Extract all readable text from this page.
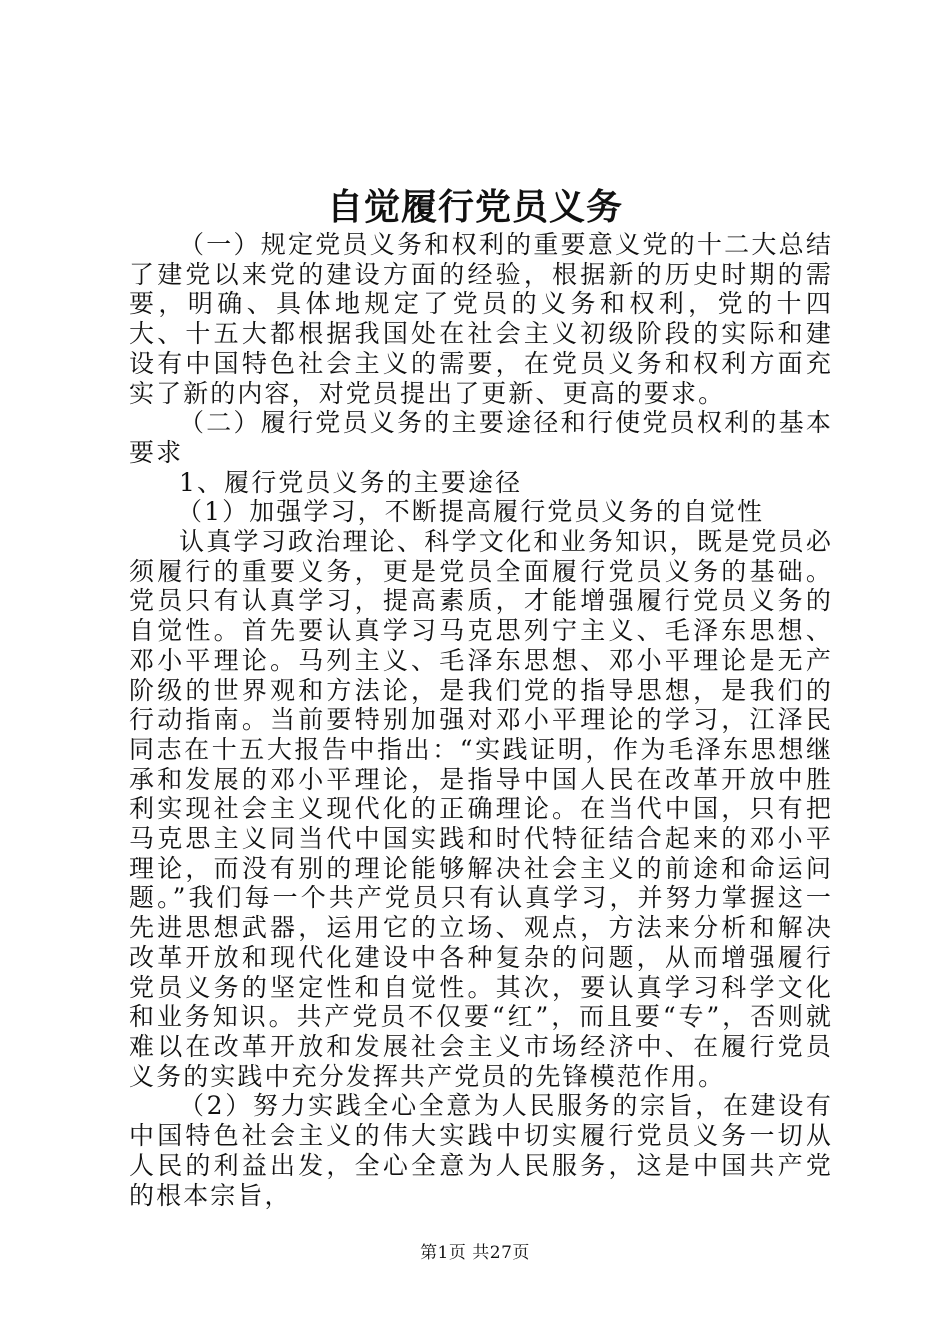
自觉履行党员义务

（一）规定党员义务和权利的重要意义党的十二大总结了建党以来党的建设方面的经验，根据新的历史时期的需要，明确、具体地规定了党员的义务和权利，党的十四大、十五大都根据我国处在社会主义初级阶段的实际和建设有中国特色社会主义的需要，在党员义务和权利方面充实了新的内容，对党员提出了更新、更高的要求。

（二）履行党员义务的主要途径和行使党员权利的基本要求

1、履行党员义务的主要途径

（1）加强学习，不断提高履行党员义务的自觉性

认真学习政治理论、科学文化和业务知识，既是党员必须履行的重要义务，更是党员全面履行党员义务的基础。党员只有认真学习，提高素质，才能增强履行党员义务的自觉性。首先要认真学习马克思列宁主义、毛泽东思想、邓小平理论。马列主义、毛泽东思想、邓小平理论是无产阶级的世界观和方法论，是我们党的指导思想，是我们的行动指南。当前要特别加强对邓小平理论的学习，江泽民同志在十五大报告中指出：“实践证明，作为毛泽东思想继承和发展的邓小平理论，是指导中国人民在改革开放中胜利实现社会主义现代化的正确理论。在当代中国，只有把马克思主义同当代中国实践和时代特征结合起来的邓小平理论，而没有别的理论能够解决社会主义的前途和命运问题。”我们每一个共产党员只有认真学习，并努力掌握这一先进思想武器，运用它的立场、观点，方法来分析和解决改革开放和现代化建设中各种复杂的问题，从而增强履行党员义务的坚定性和自觉性。其次，要认真学习科学文化和业务知识。共产党员不仅要“红”，而且要“专”，否则就难以在改革开放和发展社会主义市场经济中、在履行党员义务的实践中充分发挥共产党员的先锋模范作用。

（2）努力实践全心全意为人民服务的宗旨，在建设有中国特色社会主义的伟大实践中切实履行党员义务一切从人民的利益出发，全心全意为人民服务，这是中国共产党的根本宗旨，

第1页 共27页
